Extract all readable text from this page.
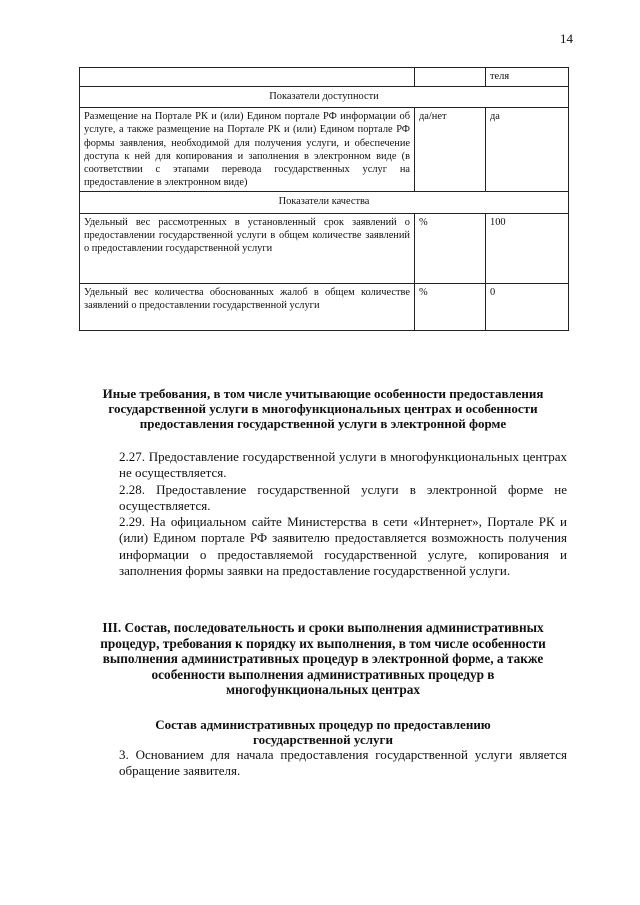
14
		теля
Показатели доступности		
Размещение на Портале РК и (или) Едином портале РФ информации об услуге, а также размещение на Портале РК и (или) Едином портале РФ формы заявления, необходимой для получения услуги, и обеспечение доступа к ней для копирования и заполнения в электронном виде (в соответствии с этапами перевода государственных услуг на предоставление в электронном виде)	да/нет	да
Показатели качества		
Удельный вес рассмотренных в установленный срок заявлений о предоставлении государственной услуги в общем количестве заявлений о предоставлении государственной услуги	%	100
Удельный вес количества обоснованных жалоб в общем количестве заявлений о предоставлении государственной услуги	%	0
Иные требования, в том числе учитывающие особенности предоставления государственной услуги в многофункциональных центрах и особенности предоставления государственной услуги в электронной форме
2.27. Предоставление государственной услуги в многофункциональных центрах не осуществляется.
2.28. Предоставление государственной услуги в электронной форме не осуществляется.
2.29. На официальном сайте Министерства в сети «Интернет», Портале РК и (или) Едином портале РФ заявителю предоставляется возможность получения информации о предоставляемой государственной услуге, копирования и заполнения формы заявки на предоставление государственной услуги.
III. Состав, последовательность и сроки выполнения административных процедур, требования к порядку их выполнения, в том числе особенности выполнения административных процедур в электронной форме, а также особенности выполнения административных процедур в многофункциональных центрах
Состав административных процедур по предоставлению государственной услуги
3. Основанием для начала предоставления государственной услуги является обращение заявителя.
